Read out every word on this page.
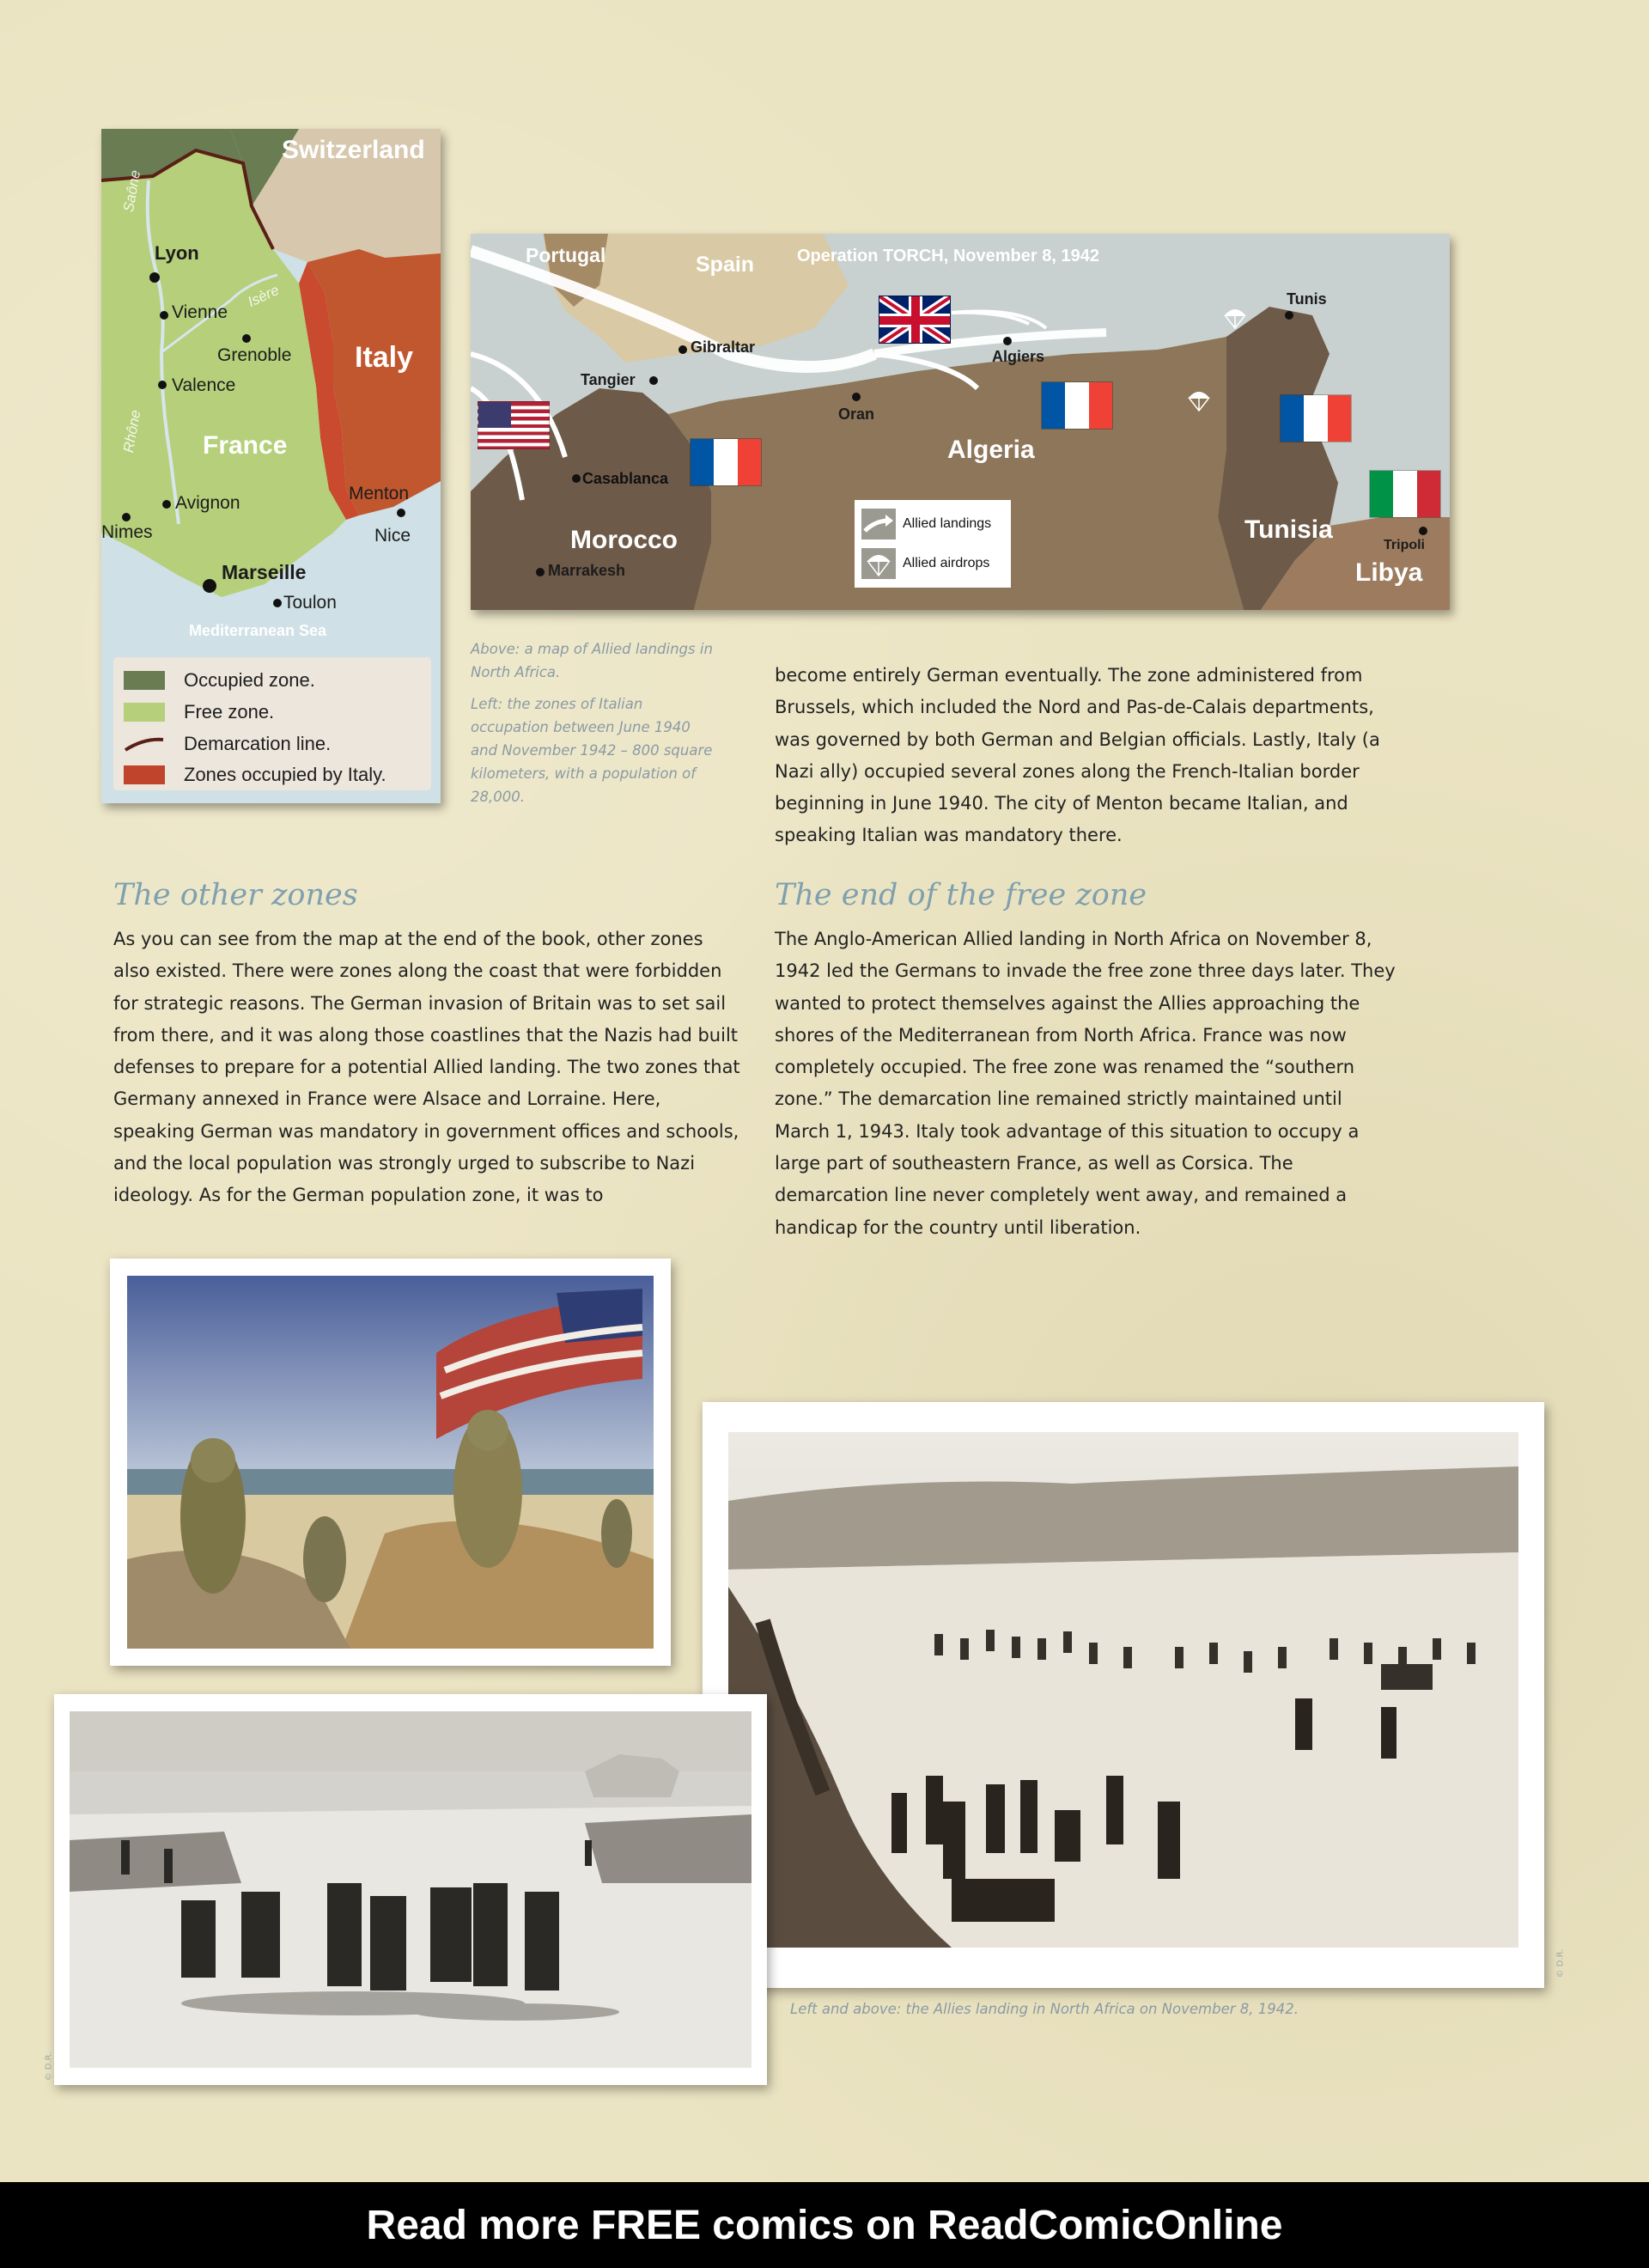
Switzerland
Italy
France
Saône
Isère
Rhône
Lyon
Vienne
Grenoble
Valence
Avignon
Nimes
Marseille
Toulon
Menton
Nice
Mediterranean Sea
Occupied zone.
Free zone.
Demarcation line.
Zones occupied by Italy.
Operation TORCH, November 8, 1942
Portugal	Spain
Gibraltar
Tangier
Casablanca
Morocco
Marrakesh
Oran
Algiers
Algeria
Tunis
Tunisia
Tripoli
Libya
Allied landings
Allied airdrops
Above: a map of Allied landings in North Africa.
Left: the zones of Italian occupation between June 1940 and November 1942 – 800 square kilometers, with a population of 28,000.
become entirely German eventually. The zone administered from Brussels, which included the Nord and Pas-de-Calais departments, was governed by both German and Belgian officials. Lastly, Italy (a Nazi ally) occupied several zones along the French-Italian border beginning in June 1940. The city of Menton became Italian, and speaking Italian was mandatory there.
The other zones
As you can see from the map at the end of the book, other zones also existed. There were zones along the coast that were forbidden for strategic reasons. The German invasion of Britain was to set sail from there, and it was along those coastlines that the Nazis had built defenses to prepare for a potential Allied landing. The two zones that Germany annexed in France were Alsace and Lorraine. Here, speaking German was mandatory in government offices and schools, and the local population was strongly urged to subscribe to Nazi ideology. As for the German population zone, it was to
The end of the free zone
The Anglo-American Allied landing in North Africa on November 8, 1942 led the Germans to invade the free zone three days later. They wanted to protect themselves against the Allies approaching the shores of the Mediterranean from North Africa. France was now completely occupied. The free zone was renamed the “southern zone.” The demarcation line remained strictly maintained until March 1, 1943. Italy took advantage of this situation to occupy a large part of southeastern France, as well as Corsica. The demarcation line never completely went away, and remained a handicap for the country until liberation.
Left and above: the Allies landing in North Africa on November 8, 1942.
© D.R.
© D.R.
Read more FREE comics on ReadComicOnline
